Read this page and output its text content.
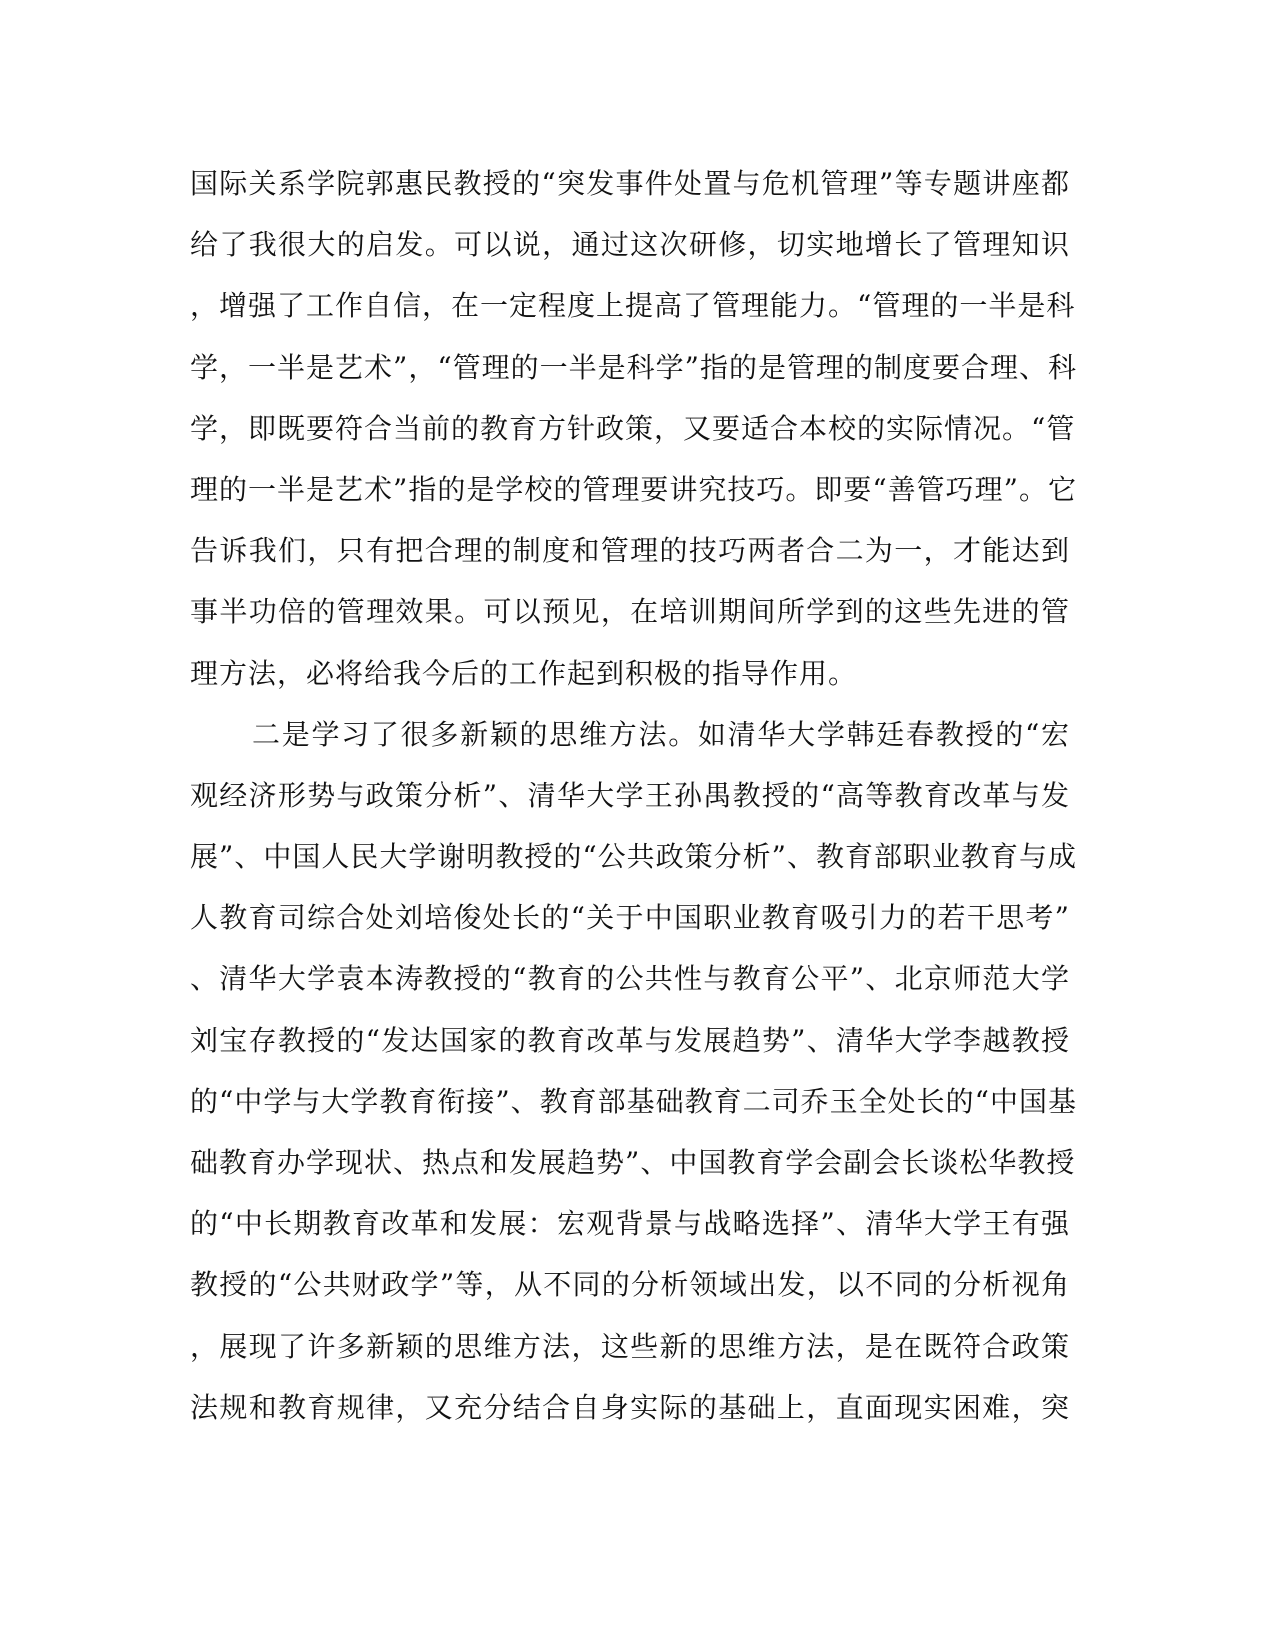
国际关系学院郭惠民教授的“突发事件处置与危机管理”等专题讲座都
给了我很大的启发。可以说，通过这次研修，切实地增长了管理知识
，增强了工作自信，在一定程度上提高了管理能力。“管理的一半是科
学，一半是艺术”，“管理的一半是科学”指的是管理的制度要合理、科
学，即既要符合当前的教育方针政策，又要适合本校的实际情况。“管
理的一半是艺术”指的是学校的管理要讲究技巧。即要“善管巧理”。它
告诉我们，只有把合理的制度和管理的技巧两者合二为一，才能达到
事半功倍的管理效果。可以预见，在培训期间所学到的这些先进的管
理方法，必将给我今后的工作起到积极的指导作用。
二是学习了很多新颖的思维方法。如清华大学韩廷春教授的“宏
观经济形势与政策分析”、清华大学王孙禺教授的“高等教育改革与发
展”、中国人民大学谢明教授的“公共政策分析”、教育部职业教育与成
人教育司综合处刘培俊处长的“关于中国职业教育吸引力的若干思考”
、清华大学袁本涛教授的“教育的公共性与教育公平”、北京师范大学
刘宝存教授的“发达国家的教育改革与发展趋势”、清华大学李越教授
的“中学与大学教育衔接”、教育部基础教育二司乔玉全处长的“中国基
础教育办学现状、热点和发展趋势”、中国教育学会副会长谈松华教授
的“中长期教育改革和发展：宏观背景与战略选择”、清华大学王有强
教授的“公共财政学”等，从不同的分析领域出发，以不同的分析视角
，展现了许多新颖的思维方法，这些新的思维方法，是在既符合政策
法规和教育规律，又充分结合自身实际的基础上，直面现实困难，突
